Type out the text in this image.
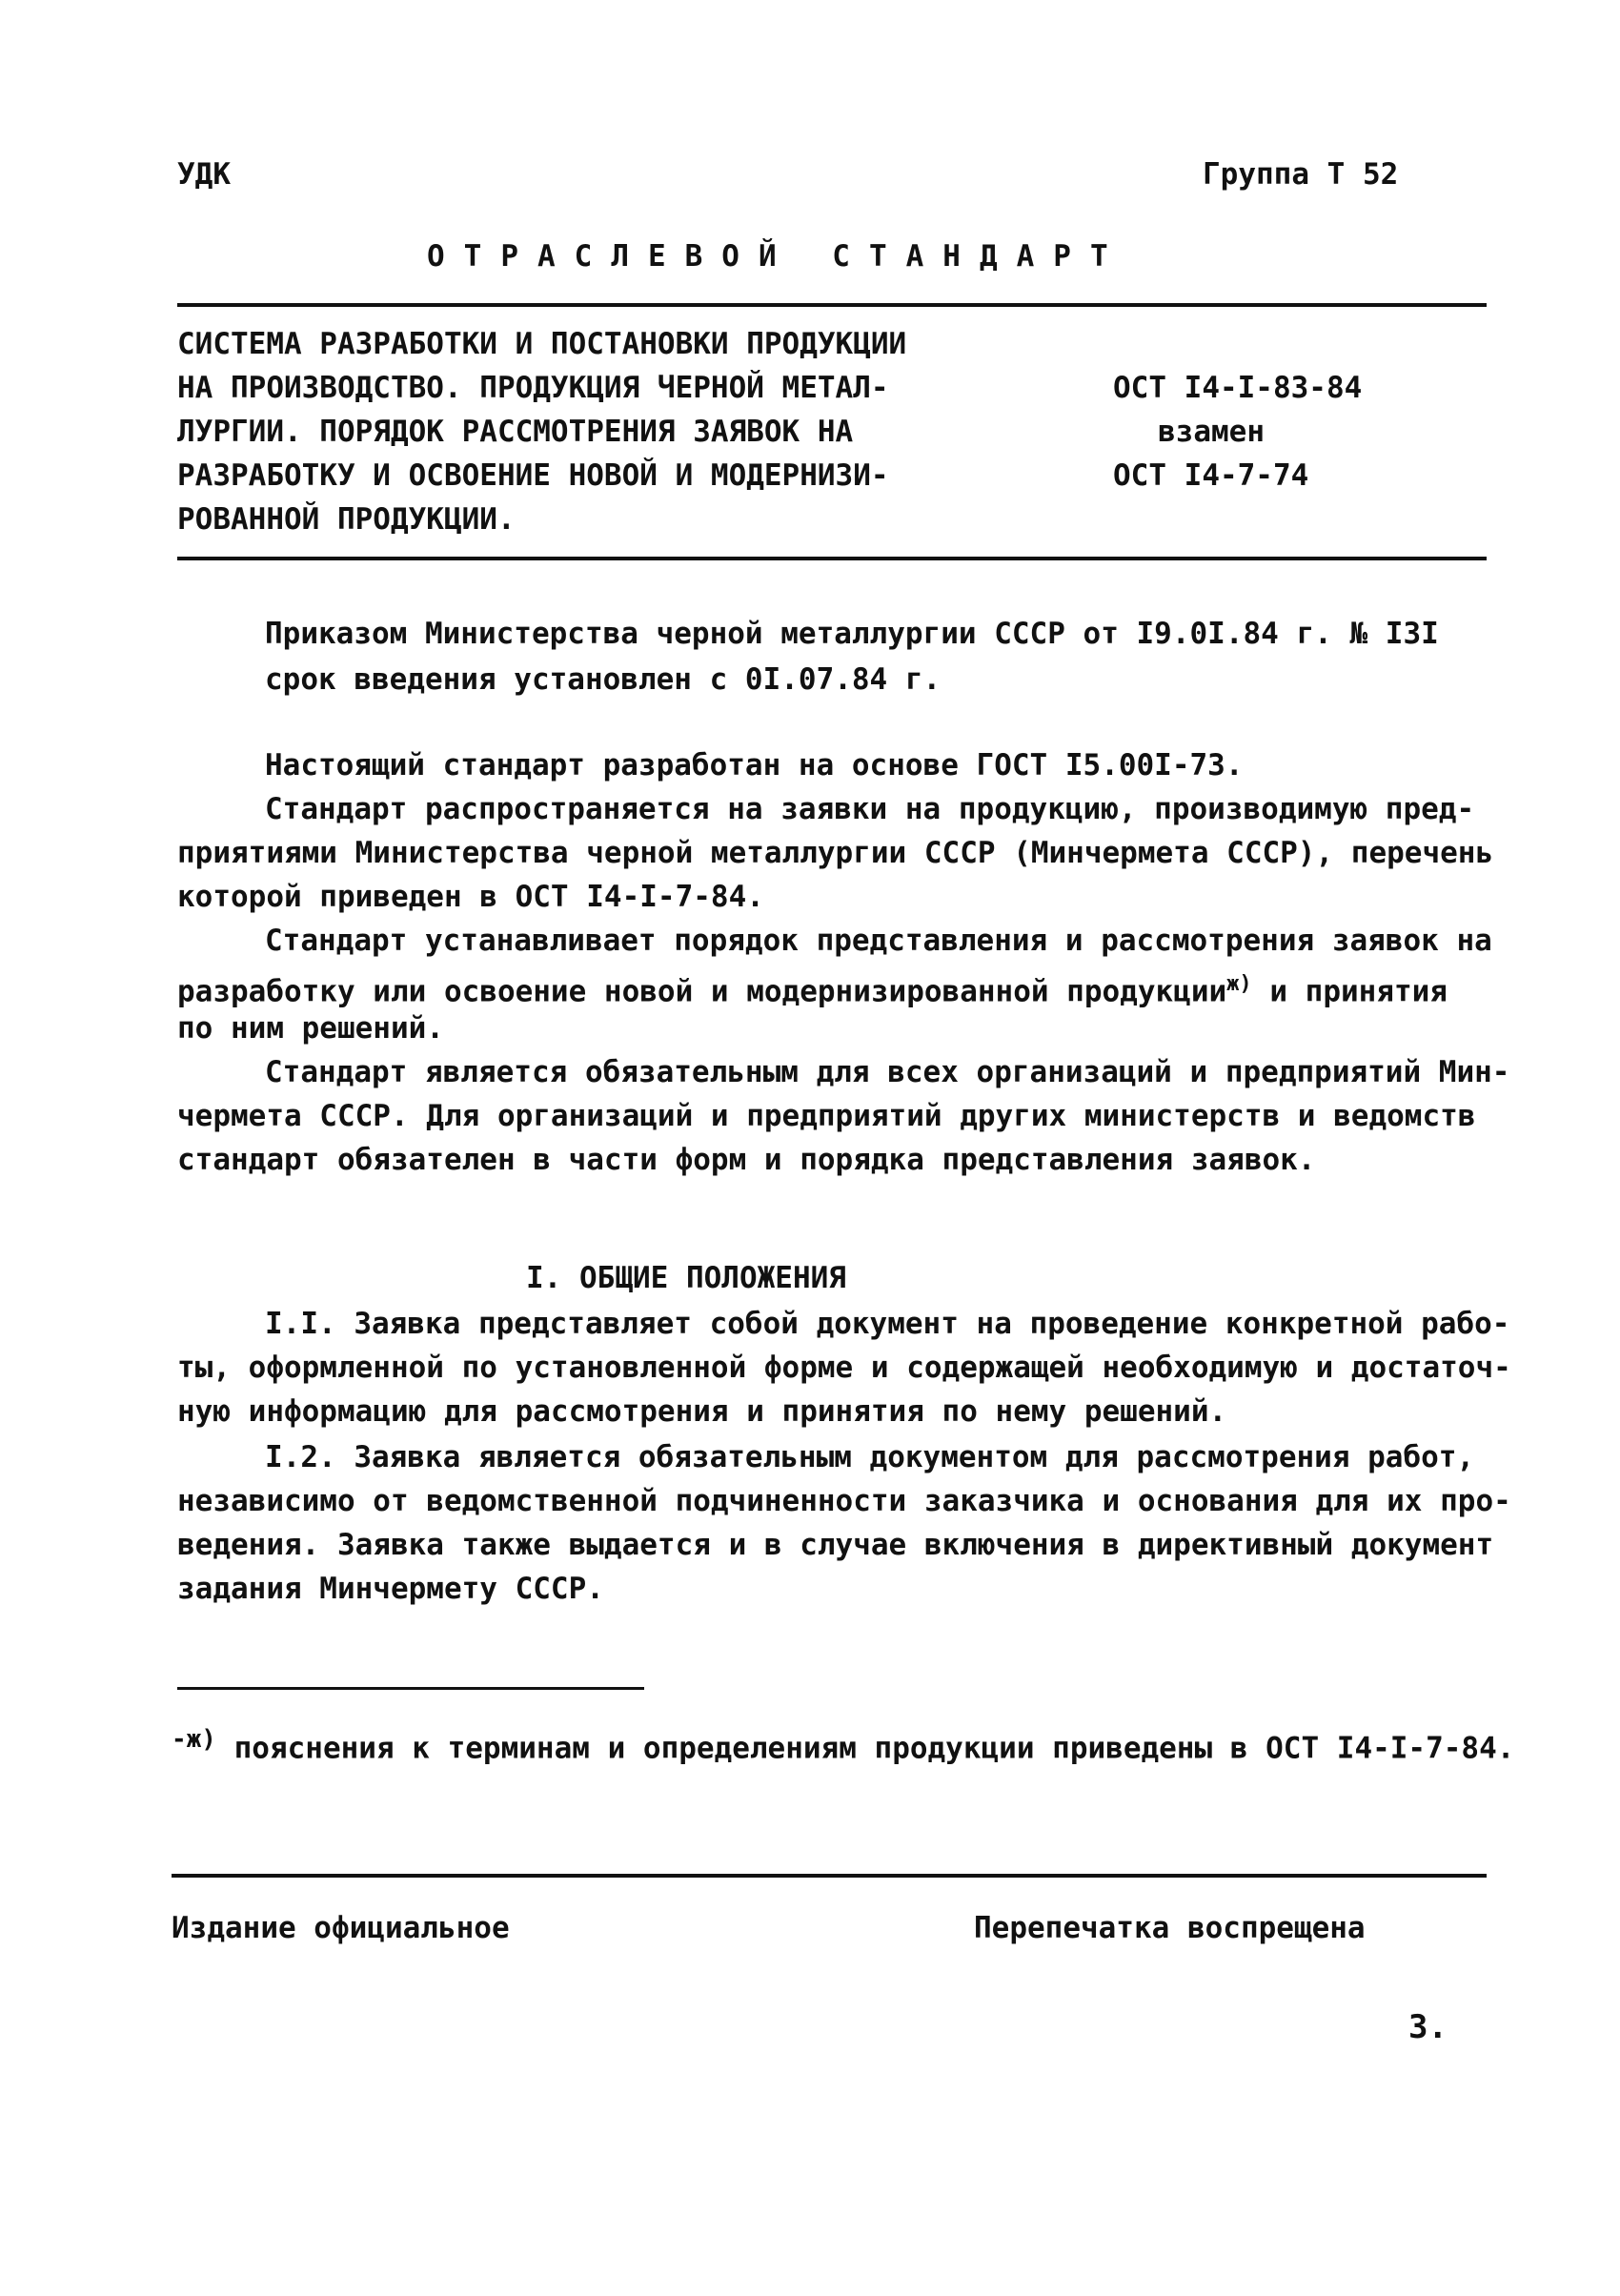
УДК	Группа Т 52
ОТРАСЛЕВОЙ СТАНДАРТ
СИСТЕМА РАЗРАБОТКИ И ПОСТАНОВКИ ПРОДУКЦИИ
НА ПРОИЗВОДСТВО. ПРОДУКЦИЯ ЧЕРНОЙ МЕТАЛ-
ЛУРГИИ. ПОРЯДОК РАССМОТРЕНИЯ ЗАЯВОК НА
РАЗРАБОТКУ И ОСВОЕНИЕ НОВОЙ И МОДЕРНИЗИ-
РОВАННОЙ ПРОДУКЦИИ.
ОСТ I4-I-83-84
взамен
ОСТ I4-7-74
Приказом Министерства черной металлургии СССР от I9.0I.84 г. № I3I
срок введения установлен с 0I.07.84 г.
Настоящий стандарт разработан на основе ГОСТ I5.00I-73.
Стандарт распространяется на заявки на продукцию, производимую пред-
приятиями Министерства черной металлургии СССР (Минчермета СССР), перечень
которой приведен в ОСТ I4-I-7-84.
Стандарт устанавливает порядок представления и рассмотрения заявок на
разработку или освоение новой и модернизированной продукции$^{ж)}$ и принятия
по ним решений.
Стандарт является обязательным для всех организаций и предприятий Мин-
чермета СССР. Для организаций и предприятий других министерств и ведомств
стандарт обязателен в части форм и порядка представления заявок.
I. ОБЩИЕ ПОЛОЖЕНИЯ
I.I. Заявка представляет собой документ на проведение конкретной рабо-
ты, оформленной по установленной форме и содержащей необходимую и достаточ-
ную информацию для рассмотрения и принятия по нему решений.
I.2. Заявка является обязательным документом для рассмотрения работ,
независимо от ведомственной подчиненности заказчика и основания для их про-
ведения. Заявка также выдается и в случае включения в директивный документ
задания Минчермету СССР.
$^{-ж)}$ пояснения к терминам и определениям продукции приведены в ОСТ I4-I-7-84.
Издание официальное	Перепечатка воспрещена
3.
